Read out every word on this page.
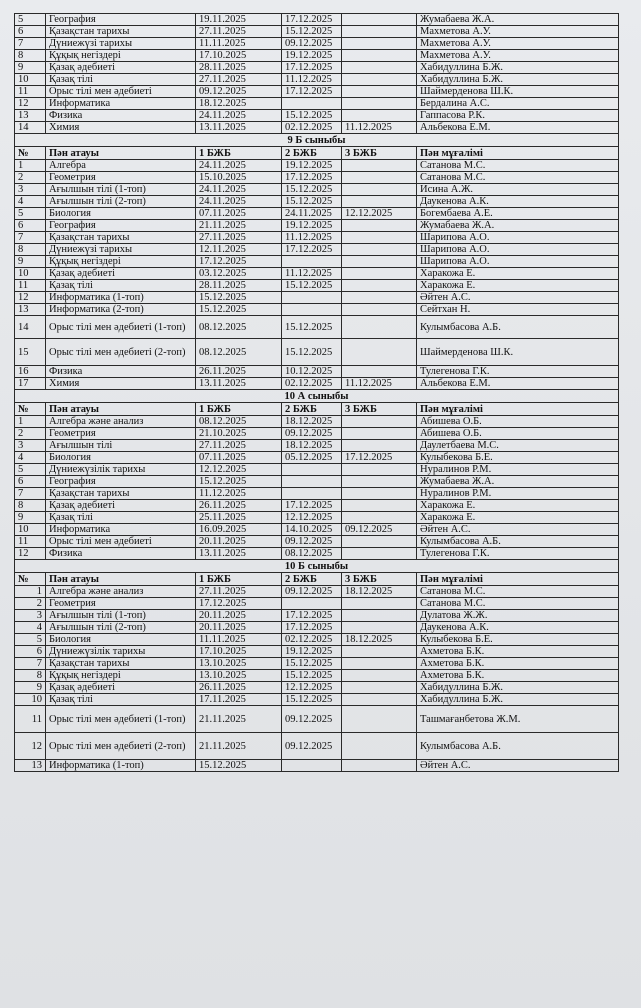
5	География	19.11.2025	17.12.2025		Жумабаева Ж.А.
6	Қазақстан тарихы	27.11.2025	15.12.2025		Махметова А.У.
7	Дүниежүзі тарихы	11.11.2025	09.12.2025		Махметова А.У.
8	Құқық негіздері	17.10.2025	19.12.2025		Махметова А.У.
9	Қазақ әдебиеті	28.11.2025	17.12.2025		Хабидуллина Б.Ж.
10	Қазақ тілі	27.11.2025	11.12.2025		Хабидуллина Б.Ж.
11	Орыс тілі мен әдебиеті	09.12.2025	17.12.2025		Шаймерденова Ш.К.
12	Информатика	18.12.2025			Бердалина А.С.
13	Физика	24.11.2025	15.12.2025		Гаппасова Р.К.
14	Химия	13.11.2025	02.12.2025	11.12.2025	Альбекова Е.М.
9 Б сыныбы					
№	Пән атауы	1 БЖБ	2 БЖБ	3 БЖБ	Пән мұғалімі
1	Алгебра	24.11.2025	19.12.2025		Сатанова М.С.
2	Геометрия	15.10.2025	17.12.2025		Сатанова М.С.
3	Ағылшын тілі (1-топ)	24.11.2025	15.12.2025		Исина А.Ж.
4	Ағылшын тілі (2-топ)	24.11.2025	15.12.2025		Даукенова А.К.
5	Биология	07.11.2025	24.11.2025	12.12.2025	Богембаева А.Е.
6	География	21.11.2025	19.12.2025		Жумабаева Ж.А.
7	Қазақстан тарихы	27.11.2025	11.12.2025		Шарипова А.О.
8	Дүниежүзі тарихы	12.11.2025	17.12.2025		Шарипова А.О.
9	Құқық негіздері	17.12.2025			Шарипова А.О.
10	Қазақ әдебиеті	03.12.2025	11.12.2025		Харакожа Е.
11	Қазақ тілі	28.11.2025	15.12.2025		Харакожа Е.
12	Информатика (1-топ)	15.12.2025			Әйтен А.С.
13	Информатика (2-топ)	15.12.2025			Сейтхан Н.
14	Орыс тілі мен әдебиеті (1-топ)	08.12.2025	15.12.2025		Кулымбасова А.Б.
15	Орыс тілі мен әдебиеті (2-топ)	08.12.2025	15.12.2025		Шаймерденова Ш.К.
16	Физика	26.11.2025	10.12.2025		Тулегенова Г.К.
17	Химия	13.11.2025	02.12.2025	11.12.2025	Альбекова Е.М.
10 А сыныбы					
№	Пән атауы	1 БЖБ	2 БЖБ	3 БЖБ	Пән мұғалімі
1	Алгебра және анализ	08.12.2025	18.12.2025		Абишева О.Б.
2	Геометрия	21.10.2025	09.12.2025		Абишева О.Б.
3	Ағылшын тілі	27.11.2025	18.12.2025		Даулетбаева М.С.
4	Биология	07.11.2025	05.12.2025	17.12.2025	Кулыбекова Б.Е.
5	Дүниежүзілік тарихы	12.12.2025			Нуралинов Р.М.
6	География	15.12.2025			Жумабаева Ж.А.
7	Қазақстан тарихы	11.12.2025			Нуралинов Р.М.
8	Қазақ әдебиеті	26.11.2025	17.12.2025		Харакожа Е.
9	Қазақ тілі	25.11.2025	12.12.2025		Харакожа Е.
10	Информатика	16.09.2025	14.10.2025	09.12.2025	Әйтен А.С.
11	Орыс тілі мен әдебиеті	20.11.2025	09.12.2025		Кулымбасова А.Б.
12	Физика	13.11.2025	08.12.2025		Тулегенова Г.К.
10 Б сыныбы					
№	Пән атауы	1 БЖБ	2 БЖБ	3 БЖБ	Пән мұғалімі
1	Алгебра және анализ	27.11.2025	09.12.2025	18.12.2025	Сатанова М.С.
2	Геометрия	17.12.2025			Сатанова М.С.
3	Ағылшын тілі (1-топ)	20.11.2025	17.12.2025		Дулатова Ж.Ж.
4	Ағылшын тілі (2-топ)	20.11.2025	17.12.2025		Даукенова А.К.
5	Биология	11.11.2025	02.12.2025	18.12.2025	Кулыбекова Б.Е.
6	Дүниежүзілік тарихы	17.10.2025	19.12.2025		Ахметова Б.К.
7	Қазақстан тарихы	13.10.2025	15.12.2025		Ахметова Б.К.
8	Құқық негіздері	13.10.2025	15.12.2025		Ахметова Б.К.
9	Қазақ әдебиеті	26.11.2025	12.12.2025		Хабидуллина Б.Ж.
10	Қазақ тілі	17.11.2025	15.12.2025		Хабидуллина Б.Ж.
11	Орыс тілі мен әдебиеті (1-топ)	21.11.2025	09.12.2025		Ташмағанбетова Ж.М.
12	Орыс тілі мен әдебиеті (2-топ)	21.11.2025	09.12.2025		Кулымбасова А.Б.
13	Информатика (1-топ)	15.12.2025			Әйтен А.С.
